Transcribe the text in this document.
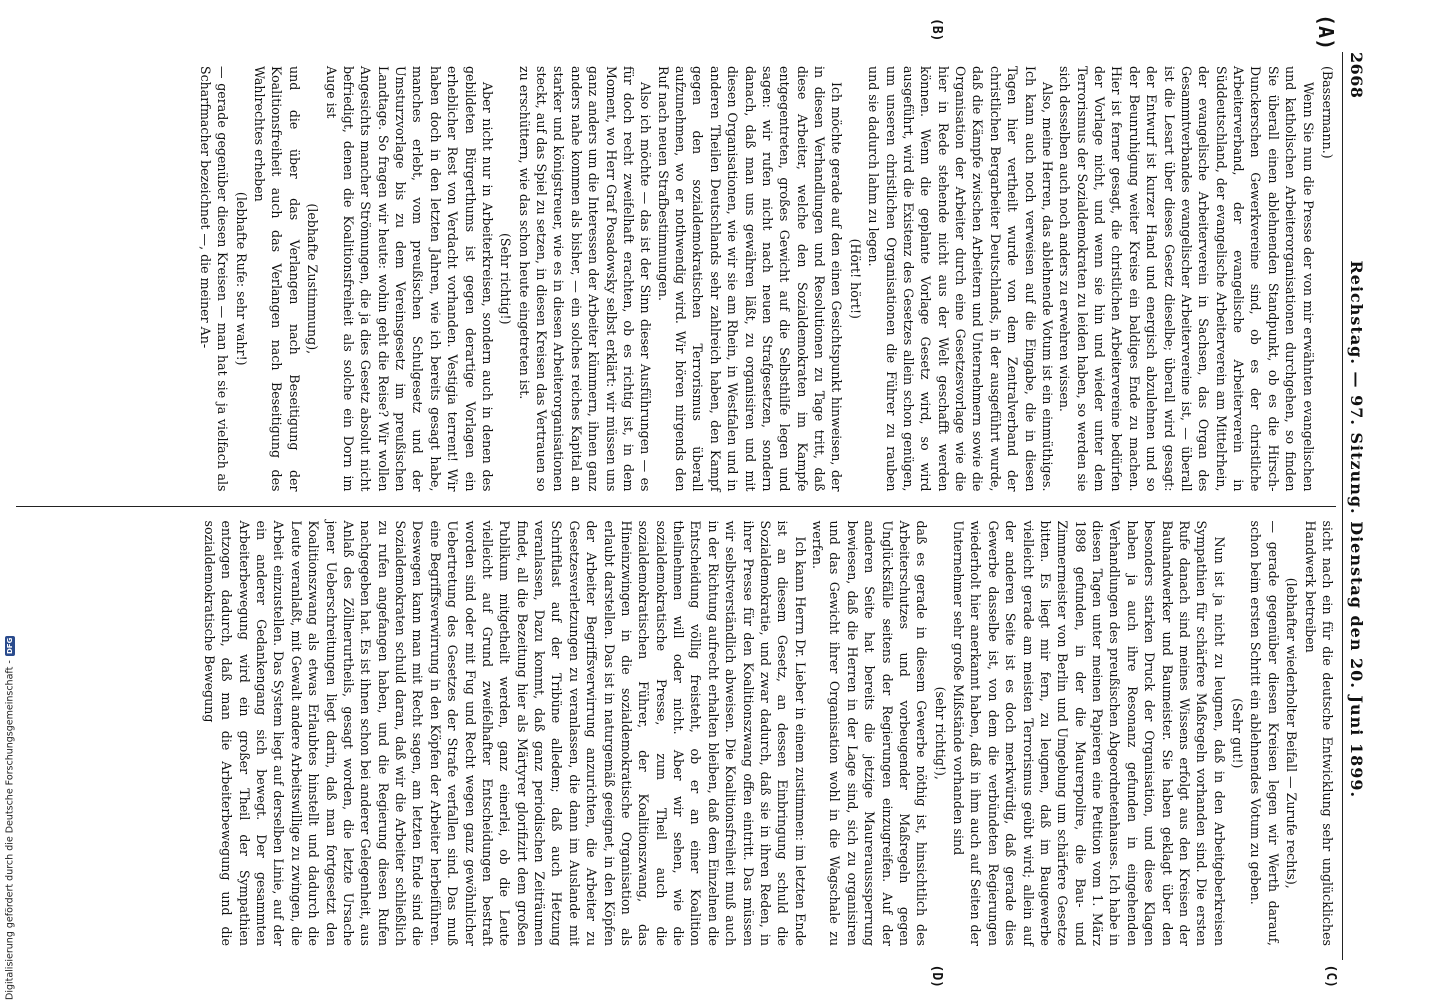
Digitalisierung gefördert durch die Deutsche Forschungsgemeinschaft -
DFG
2668
Reichstag. — 97. Sitzung. Dienstag den 20. Juni 1899.
(A)
(B)
(C)
(D)

(Bassermann.)

Wenn Sie nun die Presse der von mir erwähnten evangelischen und katholischen Arbeiterorganisationen durchgehen, so finden Sie überall einen ablehnenden Standpunkt, ob es die Hirsch-Dunckerschen Gewerkvereine sind, ob es der christliche Arbeiterverband, der evangelische Arbeiterverein in Süddeutschland, der evangelische Arbeiterverein am Mittelrhein, der evangelische Arbeiterverein in Sachsen, das Organ des Gesammtverbandes evangelischer Arbeitervereine ist, — überall ist die Lesart über dieses Gesetz dieselbe; überall wird gesagt: der Entwurf ist kurzer Hand und energisch abzulehnen und so der Beunruhigung weiter Kreise ein baldiges Ende zu machen. Hier ist ferner gesagt, die christlichen Arbeitervereine bedürfen der Vorlage nicht, und wenn sie hin und wieder unter dem Terrorismus der Sozialdemokraten zu leiden haben, so werden sie sich desselben auch noch anders zu erwehren wissen.

Also, meine Herren, das ablehnende Votum ist ein einmüthiges. Ich kann auch noch verweisen auf die Eingabe, die in diesen Tagen hier vertheilt wurde von dem Zentralverband der christlichen Bergarbeiter Deutschlands, in der ausgeführt wurde, daß die Kämpfe zwischen Arbeitern und Unternehmern sowie die Organisation der Arbeiter durch eine Gesetzesvorlage wie die hier in Rede stehende nicht aus der Welt geschafft werden können. Wenn die geplante Vorlage Gesetz wird, so wird ausgeführt, wird die Existenz des Gesetzes allein schon genügen, um unseren christlichen Organisationen die Führer zu rauben und sie dadurch lahm zu legen.

(Hört! hört!)

Ich möchte gerade auf den einen Gesichtspunkt hinweisen, der in diesen Verhandlungen und Resolutionen zu Tage tritt, daß diese Arbeiter, welche den Sozialdemokraten im Kampfe entgegentreten, großes Gewicht auf die Selbsthilfe legen und sagen: wir rufen nicht nach neuen Strafgesetzen, sondern danach, daß man uns gewähren läßt, zu organisiren und mit diesen Organisationen, wie wir sie am Rhein, in Westfalen und in anderen Theilen Deutschlands sehr zahlreich haben, den Kampf gegen den sozialdemokratischen Terrorismus überall aufzunehmen, wo er nothwendig wird. Wir hören nirgends den Ruf nach neuen Strafbestimmungen.

Also ich möchte — das ist der Sinn dieser Ausführungen — es für doch recht zweifelhaft erachten, ob es richtig ist, in dem Moment, wo Herr Graf Posadowsky selbst erklärt: wir müssen uns ganz anders um die Interessen der Arbeiter kümmern, ihnen ganz anders nahe kommen als bisher, — ein solches reiches Kapital an starker und königstreuer, wie es in diesen Arbeiterorganisationen steckt, auf das Spiel zu setzen, in diesen Kreisen das Vertrauen so zu erschüttern, wie das schon heute eingetreten ist.

(Sehr richtig!)

Aber nicht nur in Arbeiterkreisen, sondern auch in denen des gebildeten Bürgerthums ist gegen derartige Vorlagen ein erheblicher Rest von Verdacht vorhanden. Vestigia terrent! Wir haben doch in den letzten Jahren, wie ich bereits gesagt habe, manches erlebt, vom preußischen Schulgesetz und der Umsturzvorlage bis zu dem Vereinsgesetz im preußischen Landtage. So fragen wir heute: wohin geht die Reise? Wir wollen Angesichts mancher Strömungen, die ja dies Gesetz absolut nicht befriedigt, denen die Koalitionsfreiheit als solche ein Dorn im Auge ist

(lebhafte Zustimmung),

und die über das Verlangen nach Beseitigung der Koalitionsfreiheit auch das Verlangen nach Beseitigung des Wahlrechtes erheben

(lebhafte Rufe: sehr wahr!)

— gerade gegenüber diesen Kreisen — man hat sie ja vielfach als Scharfmacher bezeichnet —, die meiner An-

sicht nach ein für die deutsche Entwicklung sehr unglückliches Handwerk betreiben

(lebhafter wiederholter Beifall — Zurufe rechts),

— gerade gegenüber diesen Kreisen legen wir Werth darauf, schon beim ersten Schritt ein ablehnendes Votum zu geben.

(Sehr gut!)

Nun ist ja nicht zu leugnen, daß in den Arbeitgeberkreisen Sympathien für schärfere Maßregeln vorhanden sind. Die ersten Rufe danach sind meines Wissens erfolgt aus den Kreisen der Bauhandwerker und Baumeister. Sie haben geklagt über den besonders starken Druck der Organisation, und diese Klagen haben ja auch ihre Resonanz gefunden in eingehenden Verhandlungen des preußischen Abgeordnetenhauses. Ich habe in diesen Tagen unter meinen Papieren eine Petition vom 1. März 1898 gefunden, in der die Maurerpolire, die Bau- und Zimmermeister von Berlin und Umgebung um schärfere Gesetze bitten. Es liegt mir fern, zu leugnen, daß im Baugewerbe vielleicht gerade am meisten Terrorismus geübt wird; allein auf der anderen Seite ist es doch merkwürdig, daß gerade dies Gewerbe dasselbe ist, von dem die verbündeten Regierungen wiederholt hier anerkannt haben, daß in ihm auch auf Seiten der Unternehmer sehr große Mißstände vorhanden sind

(sehr richtig!),

daß es gerade in diesem Gewerbe nöthig ist, hinsichtlich des Arbeiterschutzes und vorbeugender Maßregeln gegen Unglücksfälle seitens der Regierungen einzugreifen. Auf der anderen Seite hat bereits die jetzige Maurerausssperrung bewiesen, daß die Herren in der Lage sind, sich zu organisiren und das Gewicht ihrer Organisation wohl in die Wagschale zu werfen.

Ich kann Herrn Dr. Lieber in einem zustimmen: im letzten Ende ist an diesem Gesetz, an dessen Einbringung schuld die Sozialdemokratie, und zwar dadurch, daß sie in ihren Reden, in ihrer Presse für den Koalitionszwang offen eintritt. Das müssen wir selbstverständlich abweisen. Die Koalitionsfreiheit muß auch in der Richtung aufrecht erhalten bleiben, daß dem Einzelnen die Entscheidung völlig freisteht, ob er an einer Koalition theilnehmen will oder nicht. Aber wir sehen, wie die sozialdemokratische Presse, zum Theil auch die sozialdemokratischen Führer, der Koalitionszwang, das Hineinzwingen in die sozialdemokratische Organisation als erlaubt darstellen. Das ist in naturgemäß geeignet, in den Köpfen der Arbeiter Begriffsverwirrung anzurichten, die Arbeiter zu Gesetzesverletzungen zu veranlassen, die dann im Auslande mit Schriftlast auf der Tribüne alledem; daß auch Hetzung veranlassen, Dazu kommt, daß ganz periodischen Zeiträumen findet, all die Bezeitung hier als Märtyrer glorifizirt dem großen Publikum mitgetheilt werden, ganz einerlei, ob die Leute vielleicht auf Grund zweifelhafter Entscheidungen bestraft worden sind oder mit Fug und Recht wegen ganz gewöhnlicher Uebertretung des Gesetzes der Strafe verfallen sind. Das muß eine Begriffsverwirrung in den Köpfen der Arbeiter herbeiführen. Deswegen kann man mit Recht sagen, am letzten Ende sind die Sozialdemokraten schuld daran, daß wir die Arbeiter schließlich zu rufen angefangen haben, und die Regierung diesen Rufen nachgegeben hat. Es ist ihnen schon bei anderer Gelegenheit, aus Anlaß des Zöllnerurtheils, gesagt worden, die letzte Ursache jener Ueberschreitungen liegt darin, daß man fortgesetzt den Koalitionszwang als etwas Erlaubtes hinstellt und dadurch die Leute veranlaßt, mit Gewalt andere Arbeitswillige zu zwingen, die Arbeit einzustellen. Das System liegt auf derselben Linie, auf der ein anderer Gedankengang sich bewegt. Der gesammten Arbeiterbewegung wird ein großer Theil der Sympathien entzogen dadurch, daß man die Arbeiterbewegung und die sozialdemokratische Bewegung
